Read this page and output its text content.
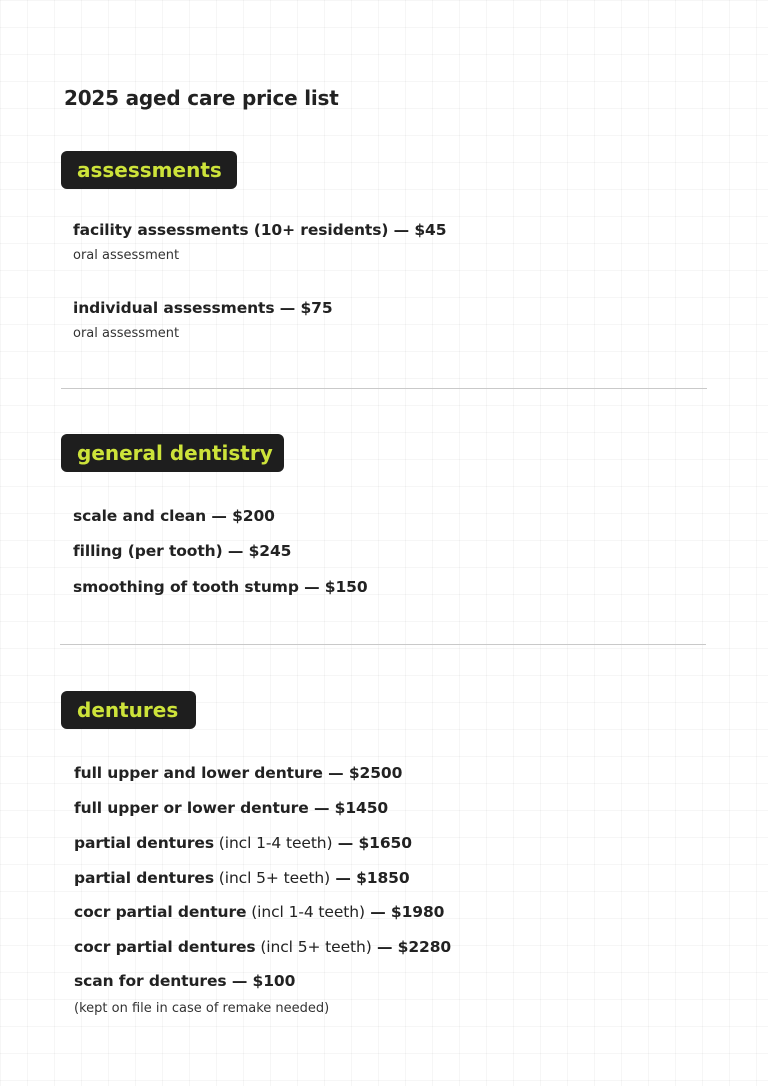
2025 aged care price list
assessments
facility assessments (10+ residents) — $45
oral assessment
individual assessments — $75
oral assessment
general dentistry
scale and clean — $200
filling (per tooth) — $245
smoothing of tooth stump — $150
dentures
full upper and lower denture — $2500
full upper or lower denture — $1450
partial dentures (incl 1-4 teeth) — $1650
partial dentures (incl 5+ teeth) — $1850
cocr partial denture (incl 1-4 teeth) — $1980
cocr partial dentures (incl 5+ teeth) — $2280
scan for dentures — $100
(kept on file in case of remake needed)
